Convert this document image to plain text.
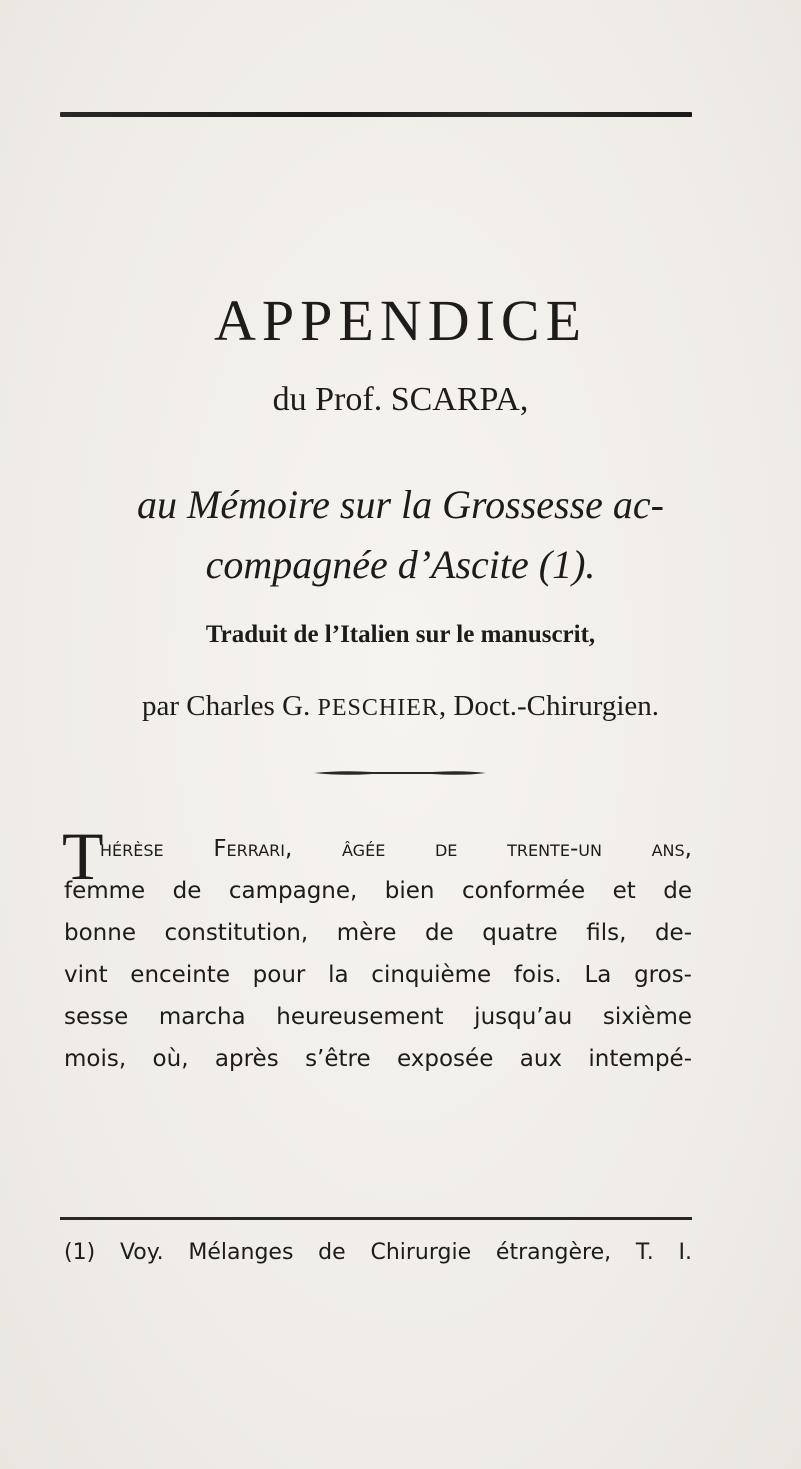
APPENDICE
du Prof. SCARPA,
au Mémoire sur la Grossesse ac-
compagnée d’Ascite (1).
Traduit de l’Italien sur le manuscrit,
par Charles G. PESCHIER, Doct.-Chirurgien.
T
hérèse Ferrari, âgée de trente-un ans,
femme de campagne, bien conformée et de
bonne constitution, mère de quatre fils, de-
vint enceinte pour la cinquième fois. La gros-
sesse marcha heureusement jusqu’au sixième
mois, où, après s’être exposée aux intempé-
(1) Voy. Mélanges de Chirurgie étrangère, T. I.
